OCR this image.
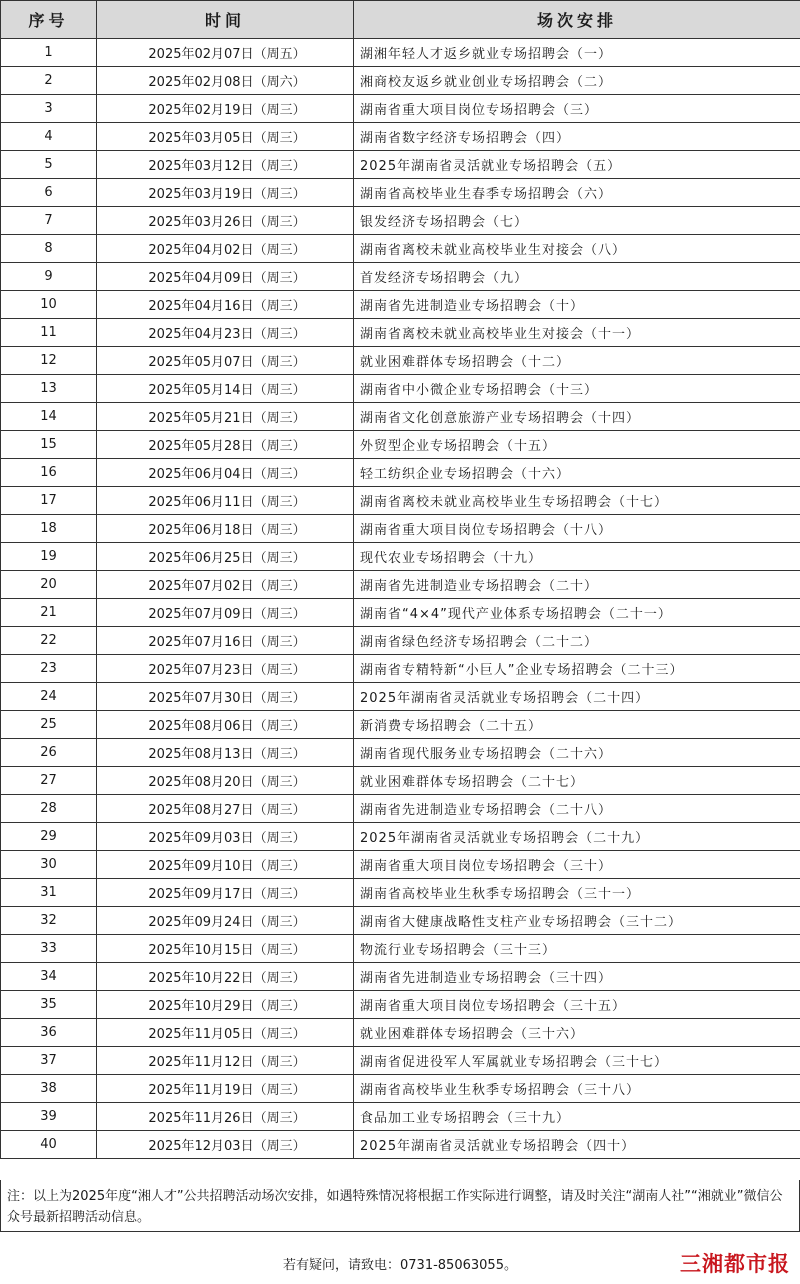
序号	时间	场次安排
1	2025年02月07日（周五）	湖湘年轻人才返乡就业专场招聘会（一）
2	2025年02月08日（周六）	湘商校友返乡就业创业专场招聘会（二）
3	2025年02月19日（周三）	湖南省重大项目岗位专场招聘会（三）
4	2025年03月05日（周三）	湖南省数字经济专场招聘会（四）
5	2025年03月12日（周三）	2025年湖南省灵活就业专场招聘会（五）
6	2025年03月19日（周三）	湖南省高校毕业生春季专场招聘会（六）
7	2025年03月26日（周三）	银发经济专场招聘会（七）
8	2025年04月02日（周三）	湖南省离校未就业高校毕业生对接会（八）
9	2025年04月09日（周三）	首发经济专场招聘会（九）
10	2025年04月16日（周三）	湖南省先进制造业专场招聘会（十）
11	2025年04月23日（周三）	湖南省离校未就业高校毕业生对接会（十一）
12	2025年05月07日（周三）	就业困难群体专场招聘会（十二）
13	2025年05月14日（周三）	湖南省中小微企业专场招聘会（十三）
14	2025年05月21日（周三）	湖南省文化创意旅游产业专场招聘会（十四）
15	2025年05月28日（周三）	外贸型企业专场招聘会（十五）
16	2025年06月04日（周三）	轻工纺织企业专场招聘会（十六）
17	2025年06月11日（周三）	湖南省离校未就业高校毕业生专场招聘会（十七）
18	2025年06月18日（周三）	湖南省重大项目岗位专场招聘会（十八）
19	2025年06月25日（周三）	现代农业专场招聘会（十九）
20	2025年07月02日（周三）	湖南省先进制造业专场招聘会（二十）
21	2025年07月09日（周三）	湖南省“4×4”现代产业体系专场招聘会（二十一）
22	2025年07月16日（周三）	湖南省绿色经济专场招聘会（二十二）
23	2025年07月23日（周三）	湖南省专精特新“小巨人”企业专场招聘会（二十三）
24	2025年07月30日（周三）	2025年湖南省灵活就业专场招聘会（二十四）
25	2025年08月06日（周三）	新消费专场招聘会（二十五）
26	2025年08月13日（周三）	湖南省现代服务业专场招聘会（二十六）
27	2025年08月20日（周三）	就业困难群体专场招聘会（二十七）
28	2025年08月27日（周三）	湖南省先进制造业专场招聘会（二十八）
29	2025年09月03日（周三）	2025年湖南省灵活就业专场招聘会（二十九）
30	2025年09月10日（周三）	湖南省重大项目岗位专场招聘会（三十）
31	2025年09月17日（周三）	湖南省高校毕业生秋季专场招聘会（三十一）
32	2025年09月24日（周三）	湖南省大健康战略性支柱产业专场招聘会（三十二）
33	2025年10月15日（周三）	物流行业专场招聘会（三十三）
34	2025年10月22日（周三）	湖南省先进制造业专场招聘会（三十四）
35	2025年10月29日（周三）	湖南省重大项目岗位专场招聘会（三十五）
36	2025年11月05日（周三）	就业困难群体专场招聘会（三十六）
37	2025年11月12日（周三）	湖南省促进役军人军属就业专场招聘会（三十七）
38	2025年11月19日（周三）	湖南省高校毕业生秋季专场招聘会（三十八）
39	2025年11月26日（周三）	食品加工业专场招聘会（三十九）
40	2025年12月03日（周三）	2025年湖南省灵活就业专场招聘会（四十）
注：以上为2025年度“湘人才”公共招聘活动场次安排，如遇特殊情况将根据工作实际进行调整，请及时关注“湖南人社”“湘就业”微信公众号最新招聘活动信息。
若有疑问，请致电：0731-85063055。	三湘都市报
